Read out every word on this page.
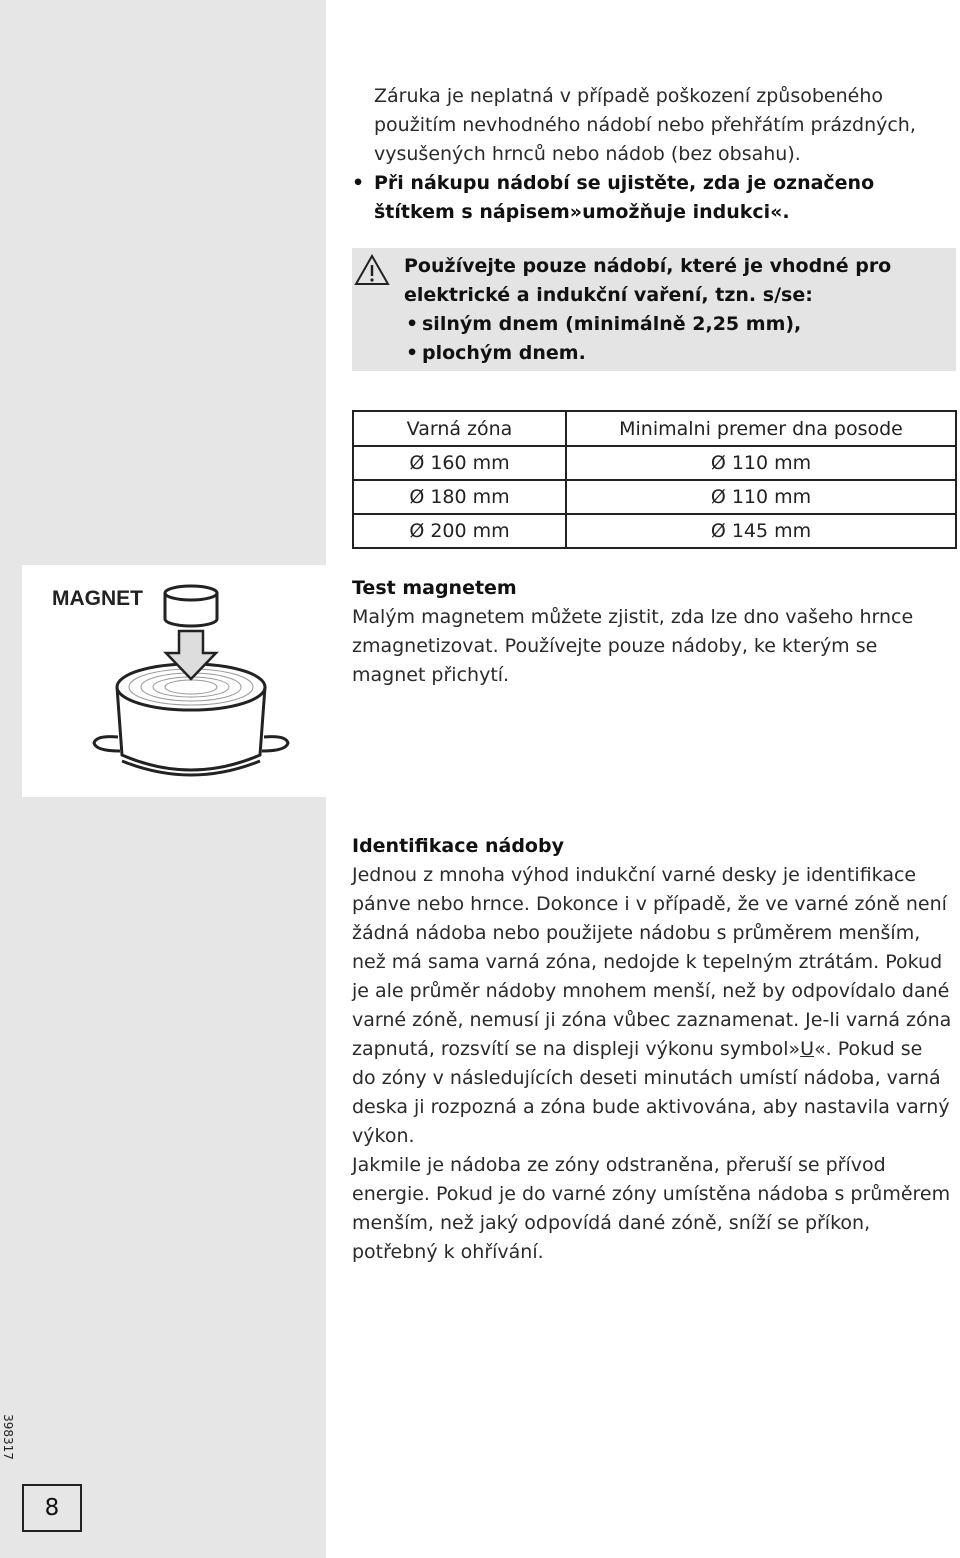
Záruka je neplatná v případě poškození způsobeného použitím nevhodného nádobí nebo přehřátím prázdných, vysušených hrnců nebo nádob (bez obsahu).

• Při nákupu nádobí se ujistěte, zda je označeno štítkem s nápisem»umožňuje indukci«.
Používejte pouze nádobí, které je vhodné pro elektrické a indukční vaření, tzn. s/se:
• silným dnem (minimálně 2,25 mm),
• plochým dnem.
Varná zóna	Minimalni premer dna posode
Ø 160 mm	Ø 110 mm
Ø 180 mm	Ø 110 mm
Ø 200 mm	Ø 145 mm
MAGNET	Test magnetem

Malým magnetem můžete zjistit, zda lze dno vašeho hrnce zmagnetizovat. Používejte pouze nádoby, ke kterým se magnet přichytí.

Identifikace nádoby

Jednou z mnoha výhod indukční varné desky je identifikace pánve nebo hrnce. Dokonce i v případě, že ve varné zóně není žádná nádoba nebo použijete nádobu s průměrem menším, než má sama varná zóna, nedojde k tepelným ztrátám. Pokud je ale průměr nádoby mnohem menší, než by odpovídalo dané varné zóně, nemusí ji zóna vůbec zaznamenat. Je-li varná zóna zapnutá, rozsvítí se na displeji výkonu symbol»U«. Pokud se do zóny v následujících deseti minutách umístí nádoba, varná deska ji rozpozná a zóna bude aktivována, aby nastavila varný výkon.

Jakmile je nádoba ze zóny odstraněna, přeruší se přívod energie. Pokud je do varné zóny umístěna nádoba s průměrem menším, než jaký odpovídá dané zóně, sníží se příkon, potřebný k ohřívání.

398317
8
